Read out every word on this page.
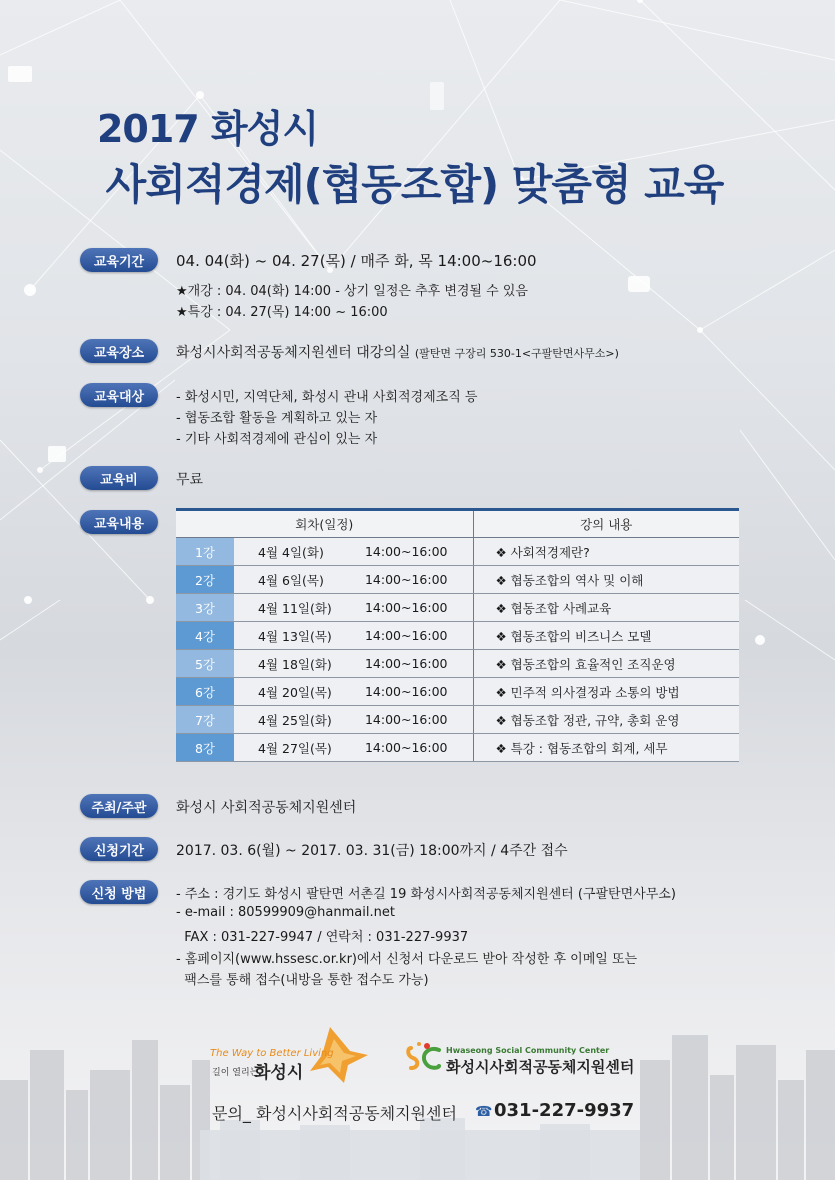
2017 화성시
사회적경제(협동조합) 맞춤형 교육
교육기간	04. 04(화) ~ 04. 27(목) / 매주 화, 목 14:00~16:00
★개강 : 04. 04(화) 14:00 - 상기 일정은 추후 변경될 수 있음
★특강 : 04. 27(목) 14:00 ~ 16:00
교육장소	화성시사회적공동체지원센터 대강의실 (팔탄면 구장리 530-1<구팔탄면사무소>)
교육대상	- 화성시민, 지역단체, 화성시 관내 사회적경제조직 등
- 협동조합 활동을 계획하고 있는 자
- 기타 사회적경제에 관심이 있는 자
교육비	무료
교육내용	회차(일정)			강의 내용
1강	4월 4일(화)	14:00~16:00	❖ 사회적경제란?
2강	4월 6일(목)	14:00~16:00	❖ 협동조합의 역사 및 이해
3강	4월 11일(화)	14:00~16:00	❖ 협동조합 사례교육
4강	4월 13일(목)	14:00~16:00	❖ 협동조합의 비즈니스 모델
5강	4월 18일(화)	14:00~16:00	❖ 협동조합의 효율적인 조직운영
6강	4월 20일(목)	14:00~16:00	❖ 민주적 의사결정과 소통의 방법
7강	4월 25일(화)	14:00~16:00	❖ 협동조합 정관, 규약, 총회 운영
8강	4월 27일(목)	14:00~16:00	❖ 특강 : 협동조합의 회계, 세무
주최/주관	화성시 사회적공동체지원센터
신청기간	2017. 03. 6(월) ~ 2017. 03. 31(금) 18:00까지 / 4주간 접수
신청 방법	- 주소 : 경기도 화성시 팔탄면 서촌길 19 화성시사회적공동체지원센터 (구팔탄면사무소)
- e-mail : 80599909@hanmail.net
FAX : 031-227-9947 / 연락처 : 031-227-9937
- 홈페이지(www.hssesc.or.kr)에서 신청서 다운로드 받아 작성한 후 이메일 또는
팩스를 통해 접수(내방을 통한 접수도 가능)
The Way to Better Living
길이 열리는
화성시
Hwaseong Social Community Center
화성시사회적공동체지원센터
문의_ 화성시사회적공동체지원센터 ☎ 031-227-9937
